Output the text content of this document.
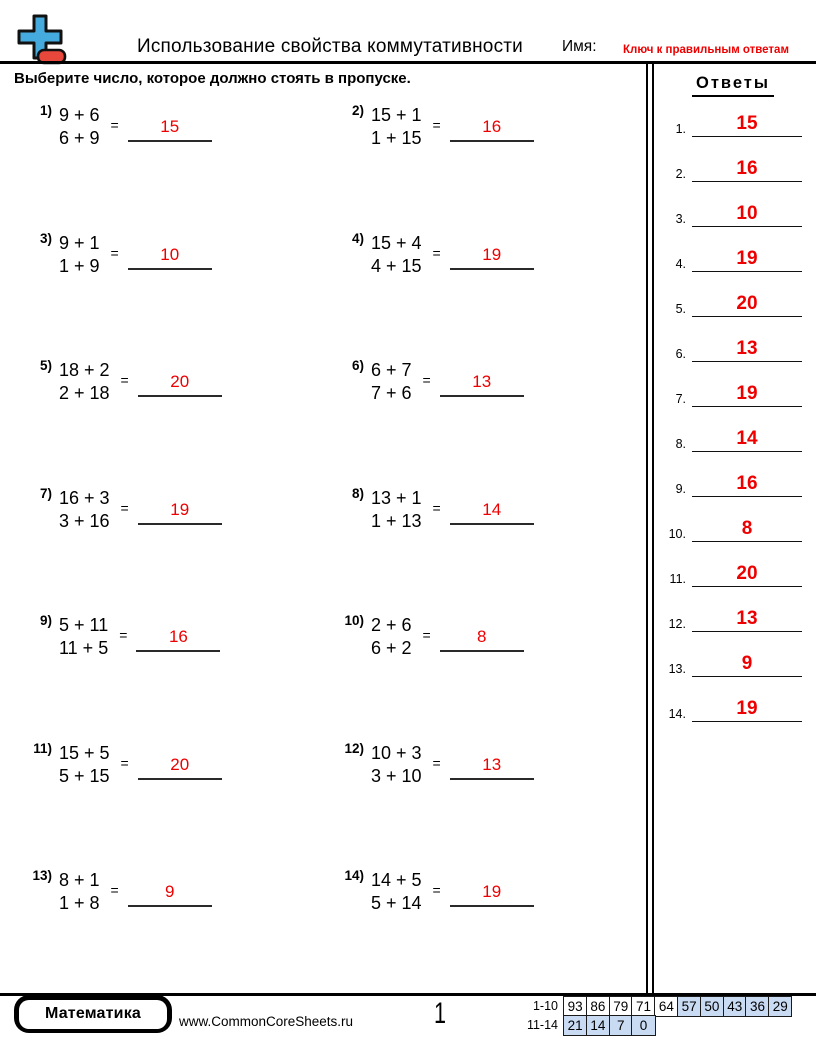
Использование свойства коммутативности	Имя:	Ключ к правильным ответам
Выберите число, которое должно стоять в пропуске.
1) 9 + 6
6 + 9
=	15
2) 15 + 1
1 + 15
=	16
3) 9 + 1
1 + 9
=	10
4) 15 + 4
4 + 15
=	19
5) 18 + 2
2 + 18
=	20
6) 6 + 7
7 + 6
=	13
7) 16 + 3
3 + 16
=	19
8) 13 + 1
1 + 13
=	14
9) 5 + 11
11 + 5
=	16
10) 2 + 6
6 + 2
=	8
11) 15 + 5
5 + 15
=	20
12) 10 + 3
3 + 10
=	13
13) 8 + 1
1 + 8
=	9
14) 14 + 5
5 + 14
=	19
Ответы
1.	15
2.	16
3.	10
4.	19
5.	20
6.	13
7.	19
8.	14
9.	16
10.	8
11.	20
12.	13
13.	9
14.	19
Математика	www.CommonCoreSheets.ru	1	1-10 93 86 79 71 64 57 50 43 36 29
11-14 21 14 7	0
